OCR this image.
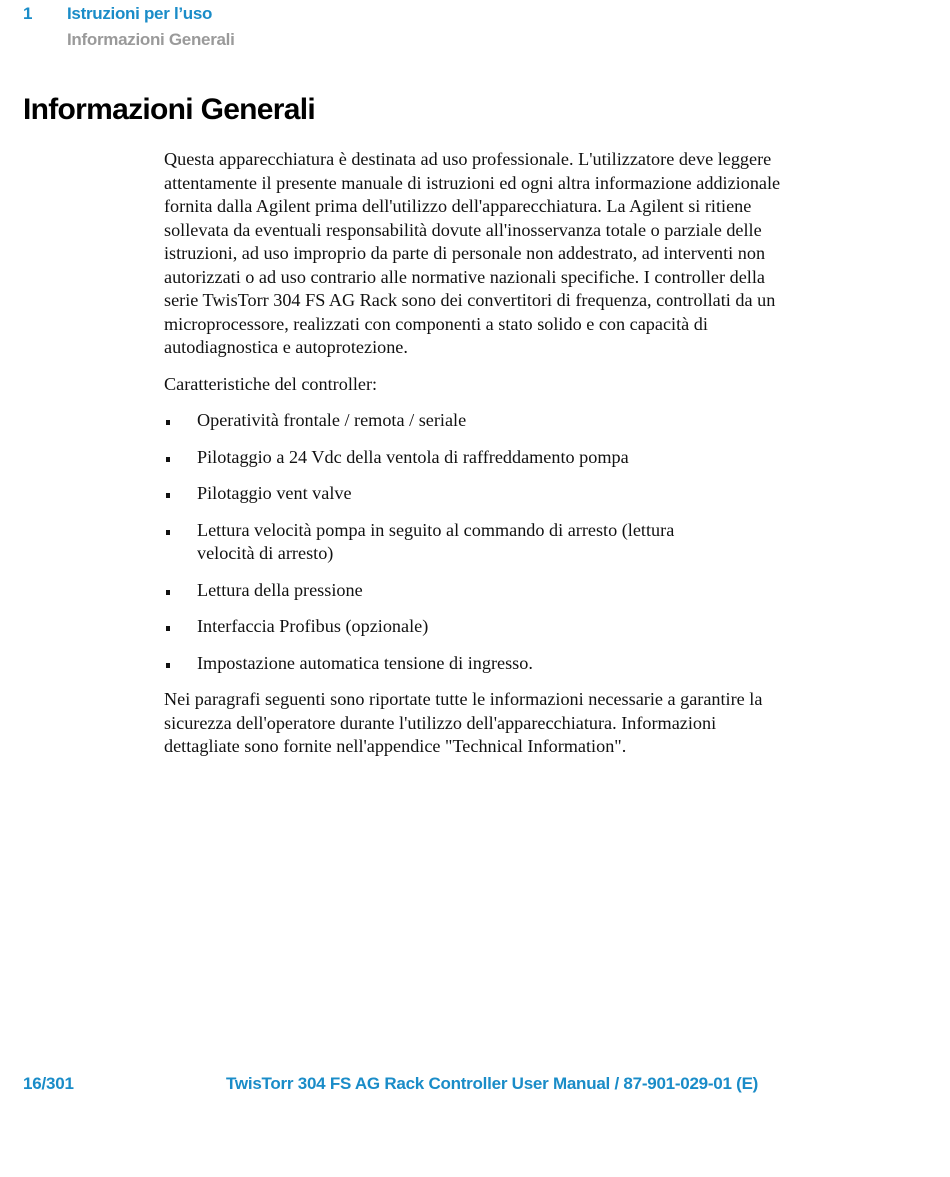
1 Istruzioni per l’uso
Informazioni Generali
Informazioni Generali

Questa apparecchiatura è destinata ad uso professionale. L'utilizzatore deve leggere attentamente il presente manuale di istruzioni ed ogni altra informazione addizionale fornita dalla Agilent prima dell'utilizzo dell'apparecchiatura. La Agilent si ritiene sollevata da eventuali responsabilità dovute all'inosservanza totale o parziale delle istruzioni, ad uso improprio da parte di personale non addestrato, ad interventi non autorizzati o ad uso contrario alle normative nazionali specifiche. I controller della serie TwisTorr 304 FS AG Rack sono dei convertitori di frequenza, controllati da un microprocessore, realizzati con componenti a stato solido e con capacità di autodiagnostica e autoprotezione.

Caratteristiche del controller:

Operatività frontale / remota / seriale
Pilotaggio a 24 Vdc della ventola di raffreddamento pompa
Pilotaggio vent valve
Lettura velocità pompa in seguito al commando di arresto (lettura velocità di arresto)
Lettura della pressione
Interfaccia Profibus (opzionale)
Impostazione automatica tensione di ingresso.

Nei paragrafi seguenti sono riportate tutte le informazioni necessarie a garantire la sicurezza dell'operatore durante l'utilizzo dell'apparecchiatura. Informazioni dettagliate sono fornite nell'appendice "Technical Information".

16/301	TwisTorr 304 FS AG Rack Controller User Manual / 87-901-029-01 (E)
